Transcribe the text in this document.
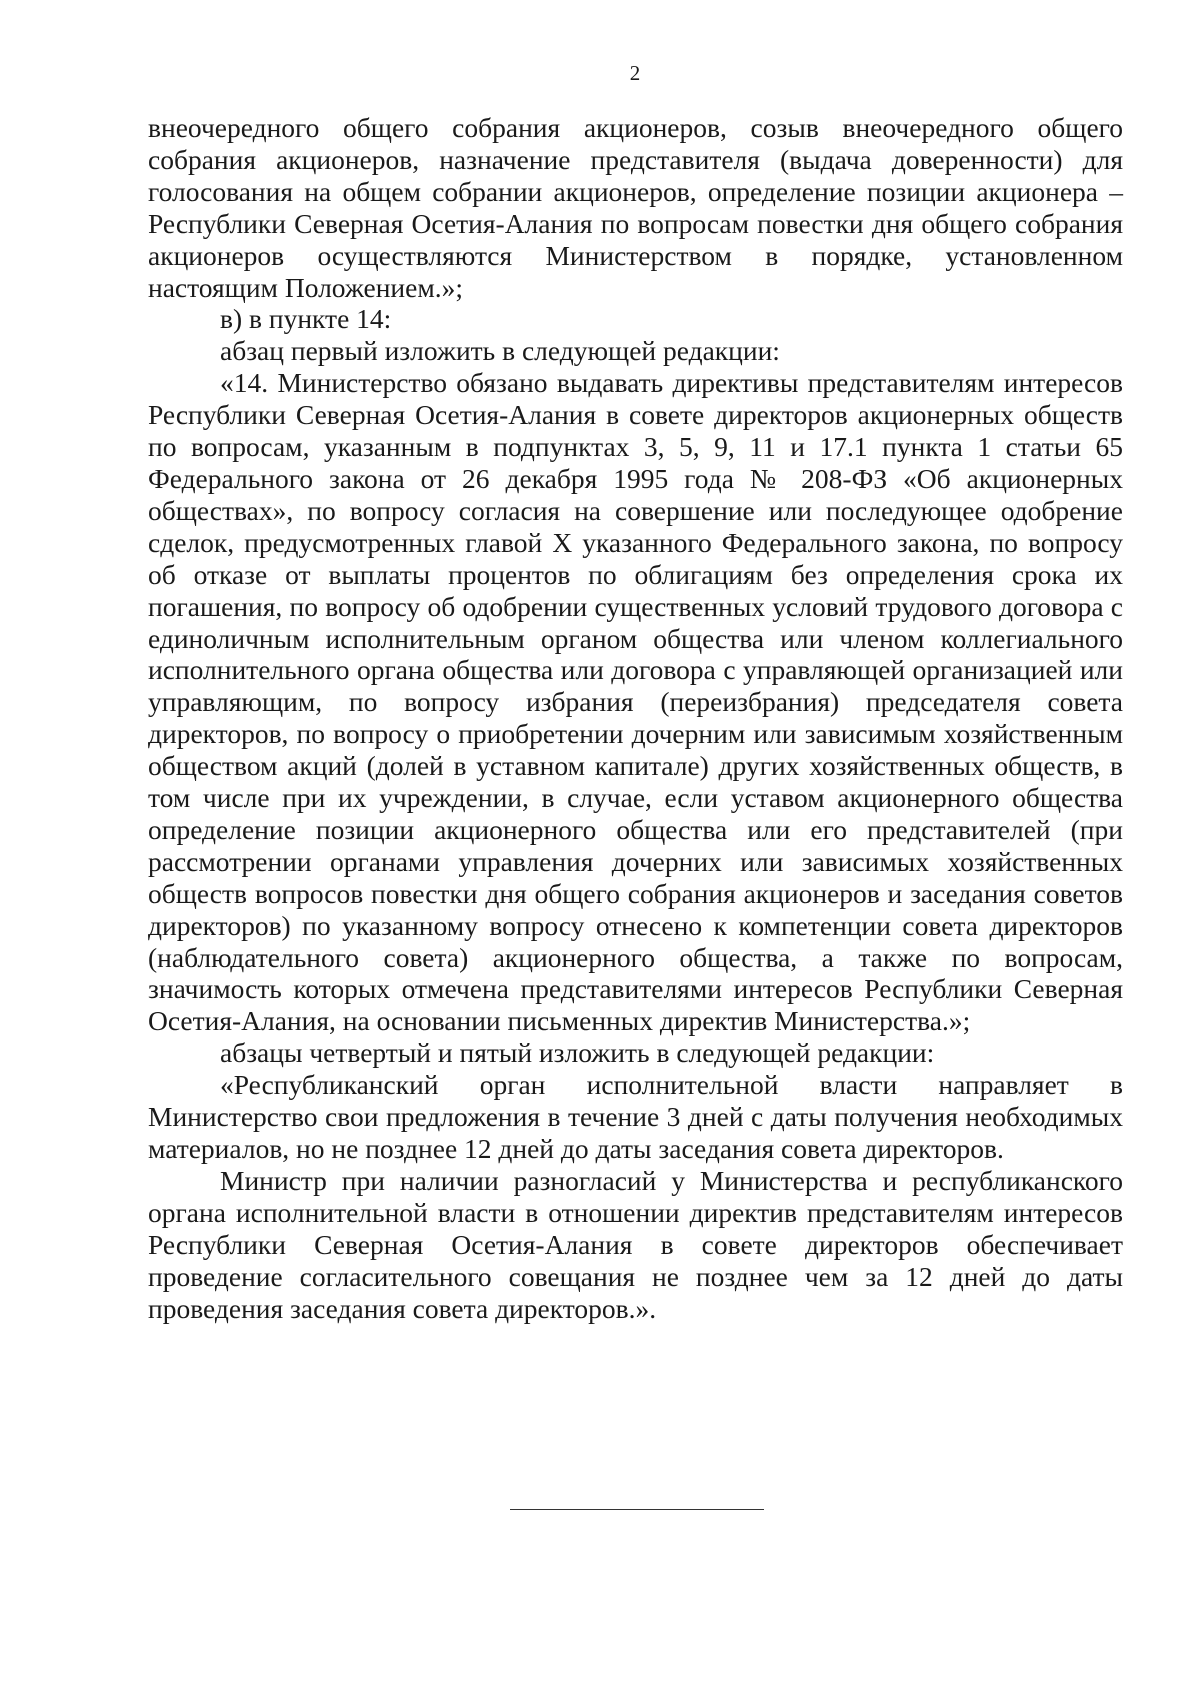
2

внеочередного общего собрания акционеров, созыв внеочередного общего собрания акционеров, назначение представителя (выдача доверенности) для голосования на общем собрании акционеров, определение позиции акционера – Республики Северная Осетия-Алания по вопросам повестки дня общего собрания акционеров осуществляются Министерством в порядке, установленном настоящим Положением.»;

в) в пункте 14:

абзац первый изложить в следующей редакции:

«14. Министерство обязано выдавать директивы представителям интересов Республики Северная Осетия-Алания в совете директоров акционерных обществ по вопросам, указанным в подпунктах 3, 5, 9, 11 и 17.1 пункта 1 статьи 65 Федерального закона от 26 декабря 1995 года № 208-ФЗ «Об акционерных обществах», по вопросу согласия на совершение или последующее одобрение сделок, предусмотренных главой X указанного Федерального закона, по вопросу об отказе от выплаты процентов по облигациям без определения срока их погашения, по вопросу об одобрении существенных условий трудового договора с единоличным исполнительным органом общества или членом коллегиального исполнительного органа общества или договора с управляющей организацией или управляющим, по вопросу избрания (переизбрания) председателя совета директоров, по вопросу о приобретении дочерним или зависимым хозяйственным обществом акций (долей в уставном капитале) других хозяйственных обществ, в том числе при их учреждении, в случае, если уставом акционерного общества определение позиции акционерного общества или его представителей (при рассмотрении органами управления дочерних или зависимых хозяйственных обществ вопросов повестки дня общего собрания акционеров и заседания советов директоров) по указанному вопросу отнесено к компетенции совета директоров (наблюдательного совета) акционерного общества, а также по вопросам, значимость которых отмечена представителями интересов Республики Северная Осетия-Алания, на основании письменных директив Министерства.»;

абзацы четвертый и пятый изложить в следующей редакции:

«Республиканский орган исполнительной власти направляет в Министерство свои предложения в течение 3 дней с даты получения необходимых материалов, но не позднее 12 дней до даты заседания совета директоров.

Министр при наличии разногласий у Министерства и республиканского органа исполнительной власти в отношении директив представителям интересов Республики Северная Осетия-Алания в совете директоров обеспечивает проведение согласительного совещания не позднее чем за 12 дней до даты проведения заседания совета директоров.».
